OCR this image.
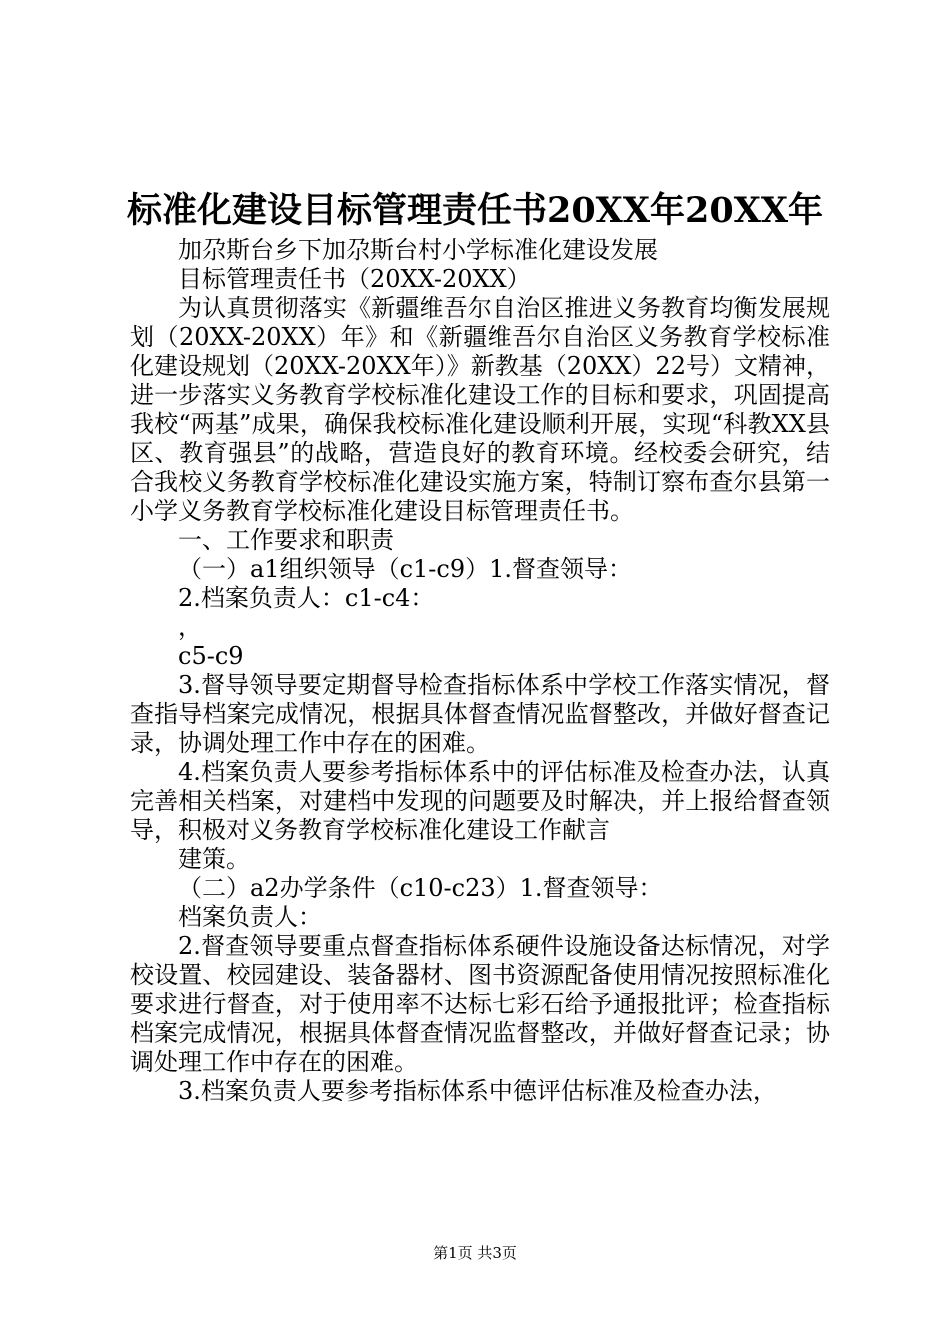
标准化建设目标管理责任书20XX年20XX年

加尕斯台乡下加尕斯台村小学标准化建设发展

目标管理责任书（20XX-20XX）

为认真贯彻落实《新疆维吾尔自治区推进义务教育均衡发展规划（20XX-20XX）年》和《新疆维吾尔自治区义务教育学校标准化建设规划（20XX-20XX年）》新教基（20XX）22号）文精神，进一步落实义务教育学校标准化建设工作的目标和要求，巩固提高我校“两基”成果，确保我校标准化建设顺利开展，实现“科教XX县区、教育强县”的战略，营造良好的教育环境。经校委会研究，结合我校义务教育学校标准化建设实施方案，特制订察布查尔县第一小学义务教育学校标准化建设目标管理责任书。

一、工作要求和职责

（一）a1组织领导（c1-c9）1.督查领导：

2.档案负责人：c1-c4：

，

c5-c9

3.督导领导要定期督导检查指标体系中学校工作落实情况，督查指导档案完成情况，根据具体督查情况监督整改，并做好督查记录，协调处理工作中存在的困难。

4.档案负责人要参考指标体系中的评估标准及检查办法，认真完善相关档案，对建档中发现的问题要及时解决，并上报给督查领导，积极对义务教育学校标准化建设工作献言

建策。

（二）a2办学条件（c10-c23）1.督查领导：

档案负责人：

2.督查领导要重点督查指标体系硬件设施设备达标情况，对学校设置、校园建设、装备器材、图书资源配备使用情况按照标准化要求进行督查，对于使用率不达标七彩石给予通报批评；检查指标档案完成情况，根据具体督查情况监督整改，并做好督查记录；协调处理工作中存在的困难。

3.档案负责人要参考指标体系中德评估标准及检查办法，

第1页 共3页
